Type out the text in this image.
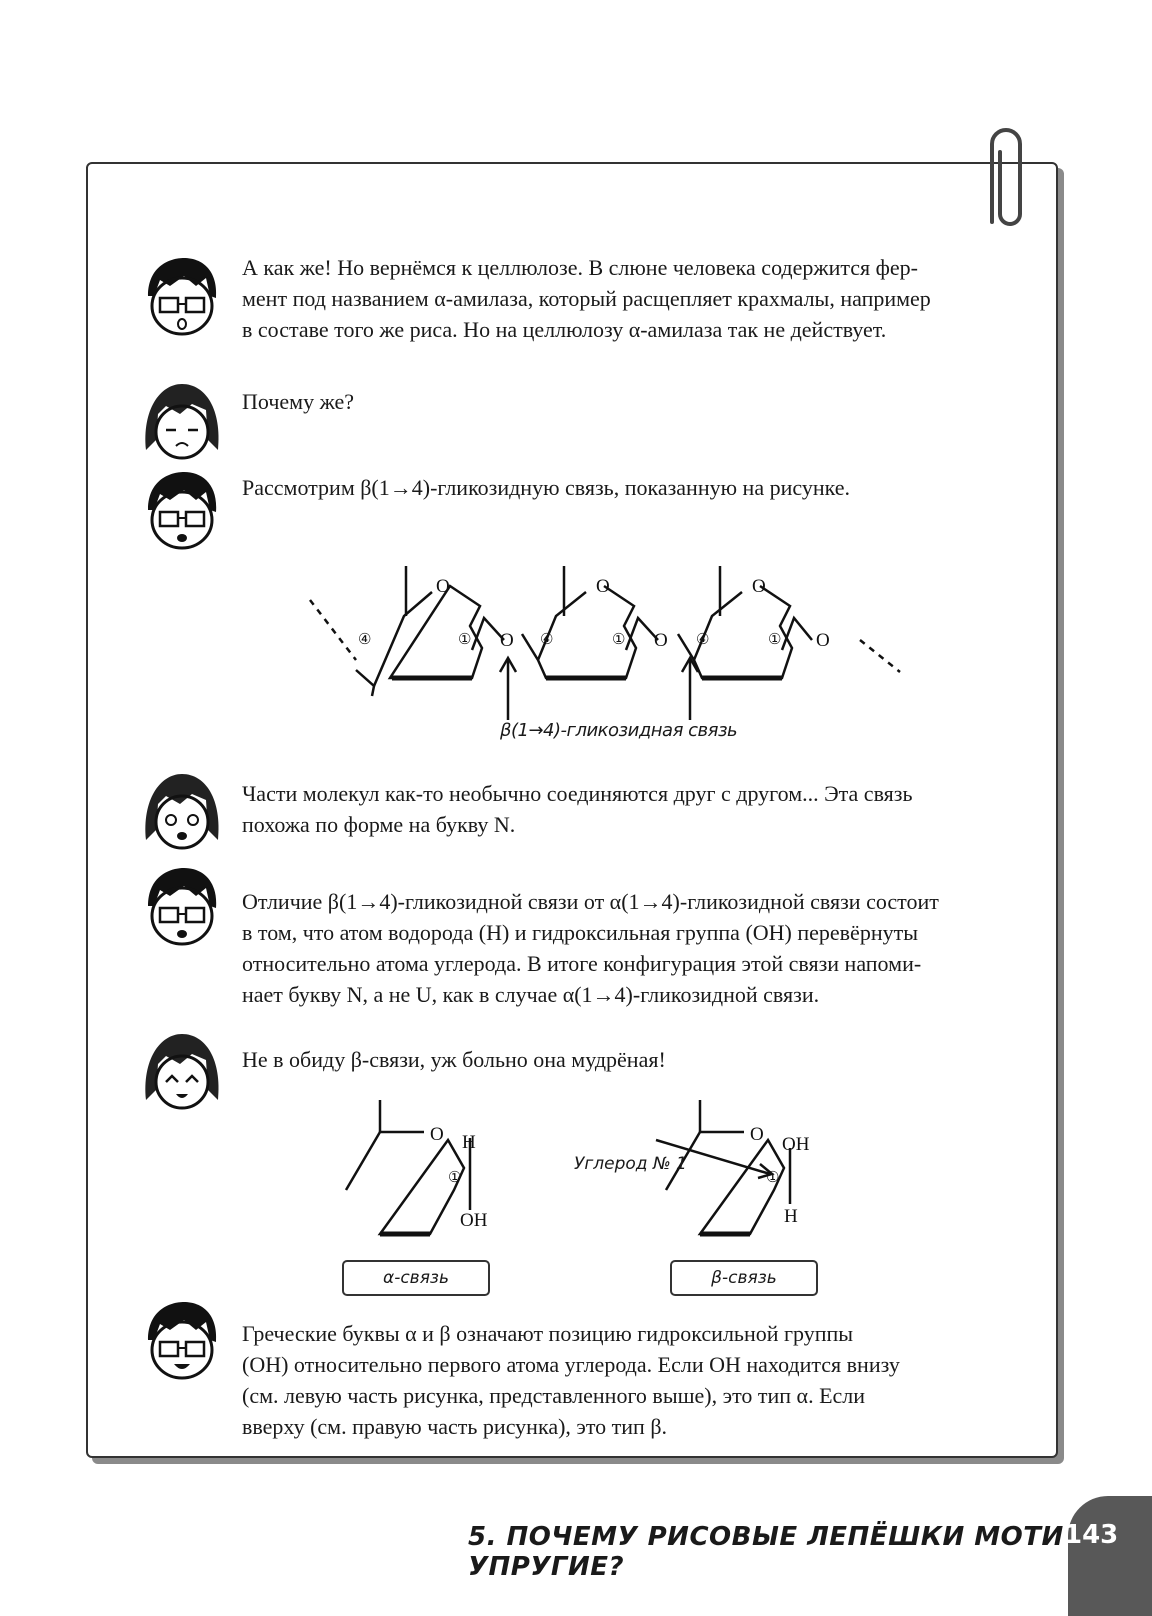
А как же! Но вернёмся к целлюлозе. В слюне человека содержится фер-
мент под названием α-амилаза, который расщепляет крахмалы, например
в составе того же риса. Но на целлюлозу α-амилаза так не действует.
Почему же?
Рассмотрим β(1→4)-гликозидную связь, показанную на рисунке.
Части молекул как-то необычно соединяются друг с другом... Эта связь
похожа по форме на букву N.
Отличие β(1→4)-гликозидной связи от α(1→4)-гликозидной связи состоит
в том, что атом водорода (H) и гидроксильная группа (OH) перевёрнуты
относительно атома углерода. В итоге конфигурация этой связи напоми-
нает букву N, а не U, как в случае α(1→4)-гликозидной связи.
Не в обиду β-связи, уж больно она мудрёная!
Греческие буквы α и β означают позицию гидроксильной группы
(OH) относительно первого атома углерода. Если OH находится внизу
(см. левую часть рисунка, представленного выше), это тип α. Если
вверху (см. правую часть рисунка), это тип β.
O	O	O
O	O	O
④	①	④	①	④	①
β(1→4)-гликозидная связь
O H
OH
O OH
H
①	①
Углерод № 1
α-связь	β-связь
5. ПОЧЕМУ РИСОВЫЕ ЛЕПЁШКИ МОТИ УПРУГИЕ?
143
